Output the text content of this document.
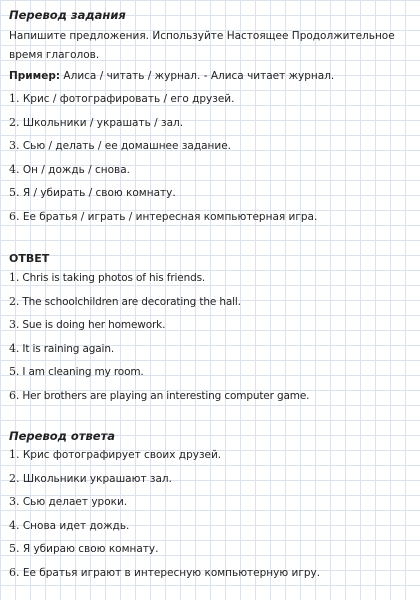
Перевод задания
Напишите предложения. Используйте Настоящее Продолжительное время глаголов.
Пример: Алиса / читать / журнал. - Алиса читает журнал.
1. Крис / фотографировать / его друзей.
2. Школьники / украшать / зал.
3. Сью / делать / ее домашнее задание.
4. Он / дождь / снова.
5. Я / убирать / свою комнату.
6. Ее братья / играть / интересная компьютерная игра.
ОТВЕТ
1. Chris is taking photos of his friends.
2. The schoolchildren are decorating the hall.
3. Sue is doing her homework.
4. It is raining again.
5. I am cleaning my room.
6. Her brothers are playing an interesting computer game.
Перевод ответа
1. Крис фотографирует своих друзей.
2. Школьники украшают зал.
3. Сью делает уроки.
4. Снова идет дождь.
5. Я убираю свою комнату.
6. Ее братья играют в интересную компьютерную игру.
